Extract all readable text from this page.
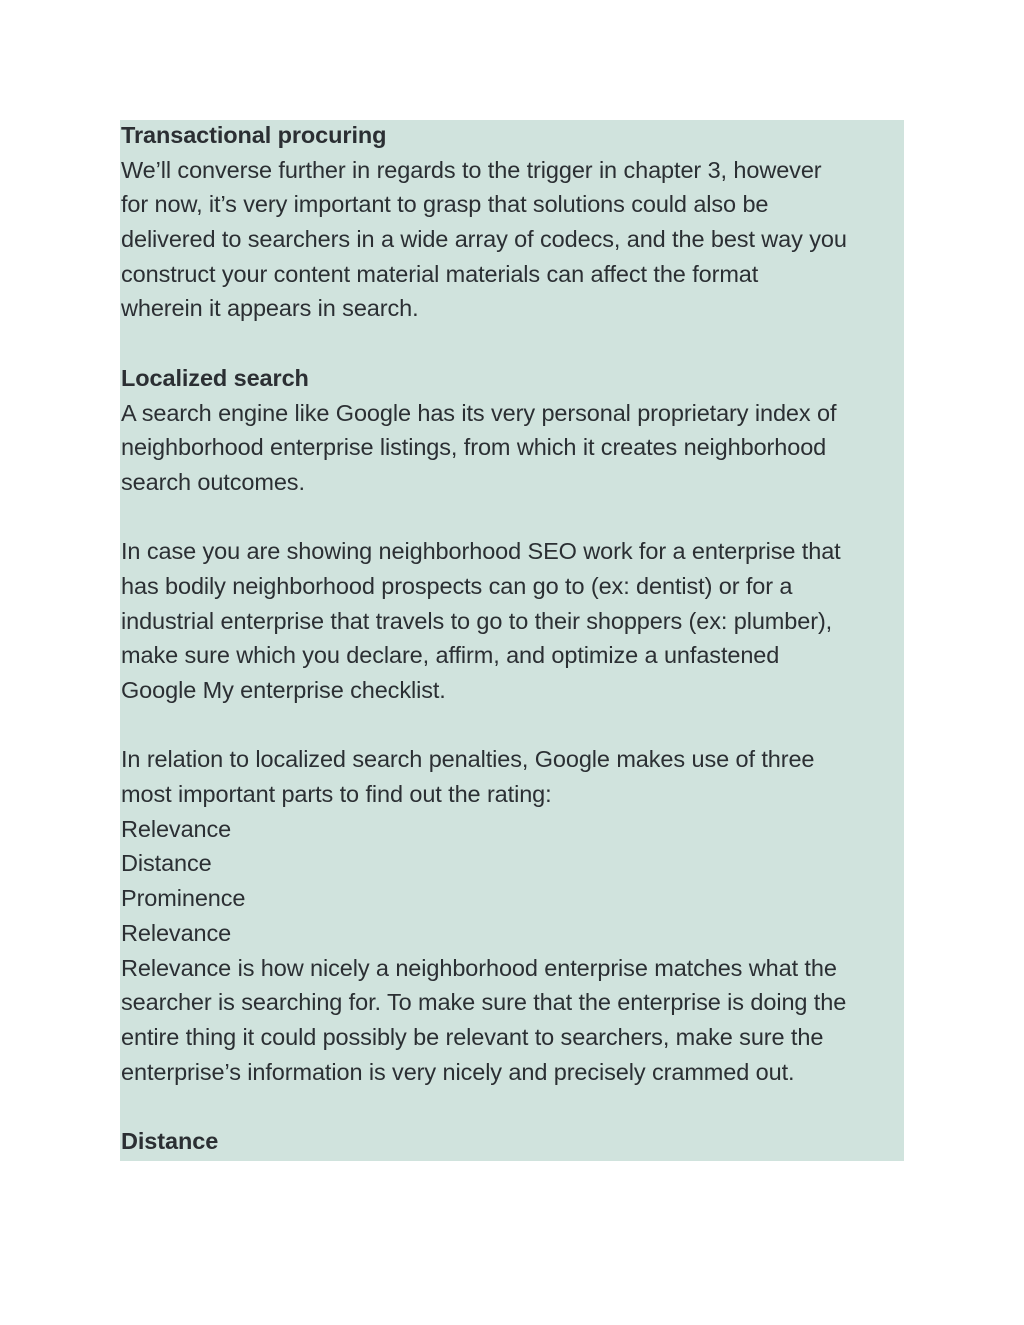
Transactional procuring
We’ll converse further in regards to the trigger in chapter 3, however
for now, it’s very important to grasp that solutions could also be
delivered to searchers in a wide array of codecs, and the best way you
construct your content material materials can affect the format
wherein it appears in search.
Localized search
A search engine like Google has its very personal proprietary index of
neighborhood enterprise listings, from which it creates neighborhood
search outcomes.
In case you are showing neighborhood SEO work for a enterprise that
has bodily neighborhood prospects can go to (ex: dentist) or for a
industrial enterprise that travels to go to their shoppers (ex: plumber),
make sure which you declare, affirm, and optimize a unfastened
Google My enterprise checklist.
In relation to localized search penalties, Google makes use of three
most important parts to find out the rating:
Relevance
Distance
Prominence
Relevance
Relevance is how nicely a neighborhood enterprise matches what the
searcher is searching for. To make sure that the enterprise is doing the
entire thing it could possibly be relevant to searchers, make sure the
enterprise’s information is very nicely and precisely crammed out.
Distance
